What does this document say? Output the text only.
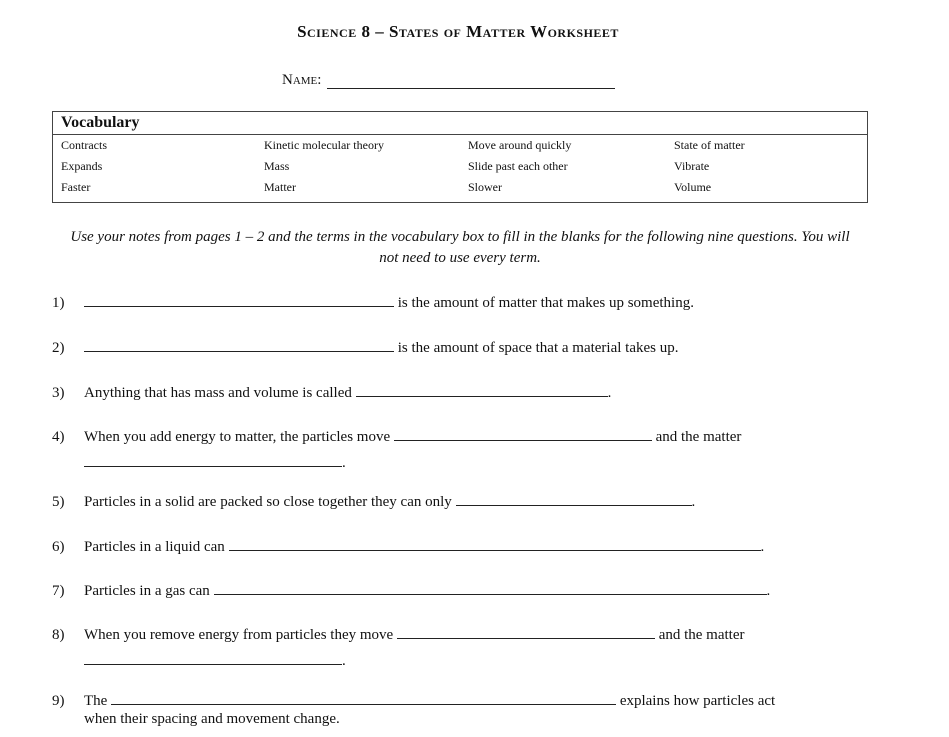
Science 8 – States of Matter Worksheet
Name:
Vocabulary
Contracts	Kinetic molecular theory	Move around quickly	State of matter
Expands	Mass	Slide past each other	Vibrate
Faster	Matter	Slower	Volume
Use your notes from pages 1 – 2 and the terms in the vocabulary box to fill in the blanks for the following nine questions. You will not need to use every term.
1)	is the amount of matter that makes up something.
2)	is the amount of space that a material takes up.
3) Anything that has mass and volume is called	.
4) When you add energy to matter, the particles move	and the matter
.
5) Particles in a solid are packed so close together they can only	.
6) Particles in a liquid can	.
7) Particles in a gas can	.
8) When you remove energy from particles they move	and the matter
.
9) The	explains how particles act
when their spacing and movement change.
